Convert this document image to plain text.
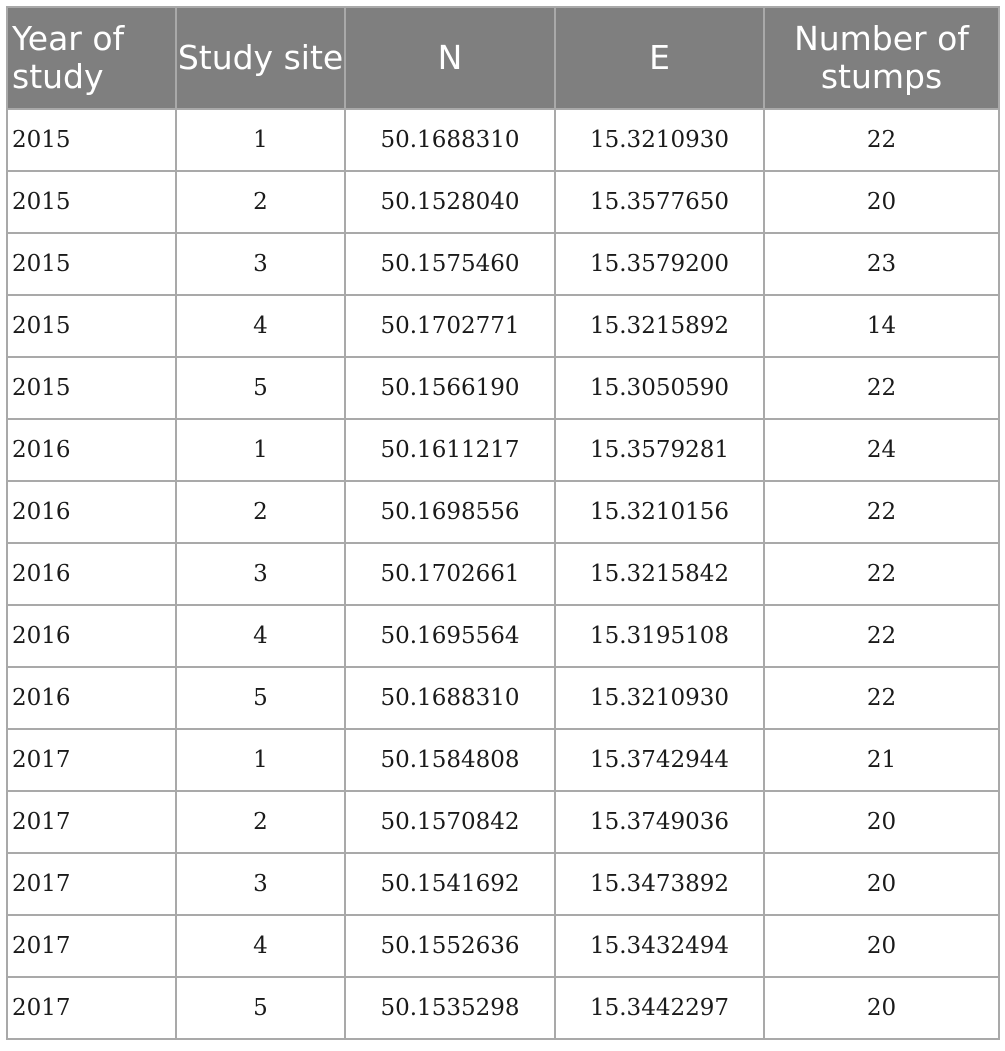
Year of study	Study site	N	E	Number of stumps
2015	1	50.1688310	15.3210930	22
2015	2	50.1528040	15.3577650	20
2015	3	50.1575460	15.3579200	23
2015	4	50.1702771	15.3215892	14
2015	5	50.1566190	15.3050590	22
2016	1	50.1611217	15.3579281	24
2016	2	50.1698556	15.3210156	22
2016	3	50.1702661	15.3215842	22
2016	4	50.1695564	15.3195108	22
2016	5	50.1688310	15.3210930	22
2017	1	50.1584808	15.3742944	21
2017	2	50.1570842	15.3749036	20
2017	3	50.1541692	15.3473892	20
2017	4	50.1552636	15.3432494	20
2017	5	50.1535298	15.3442297	20
